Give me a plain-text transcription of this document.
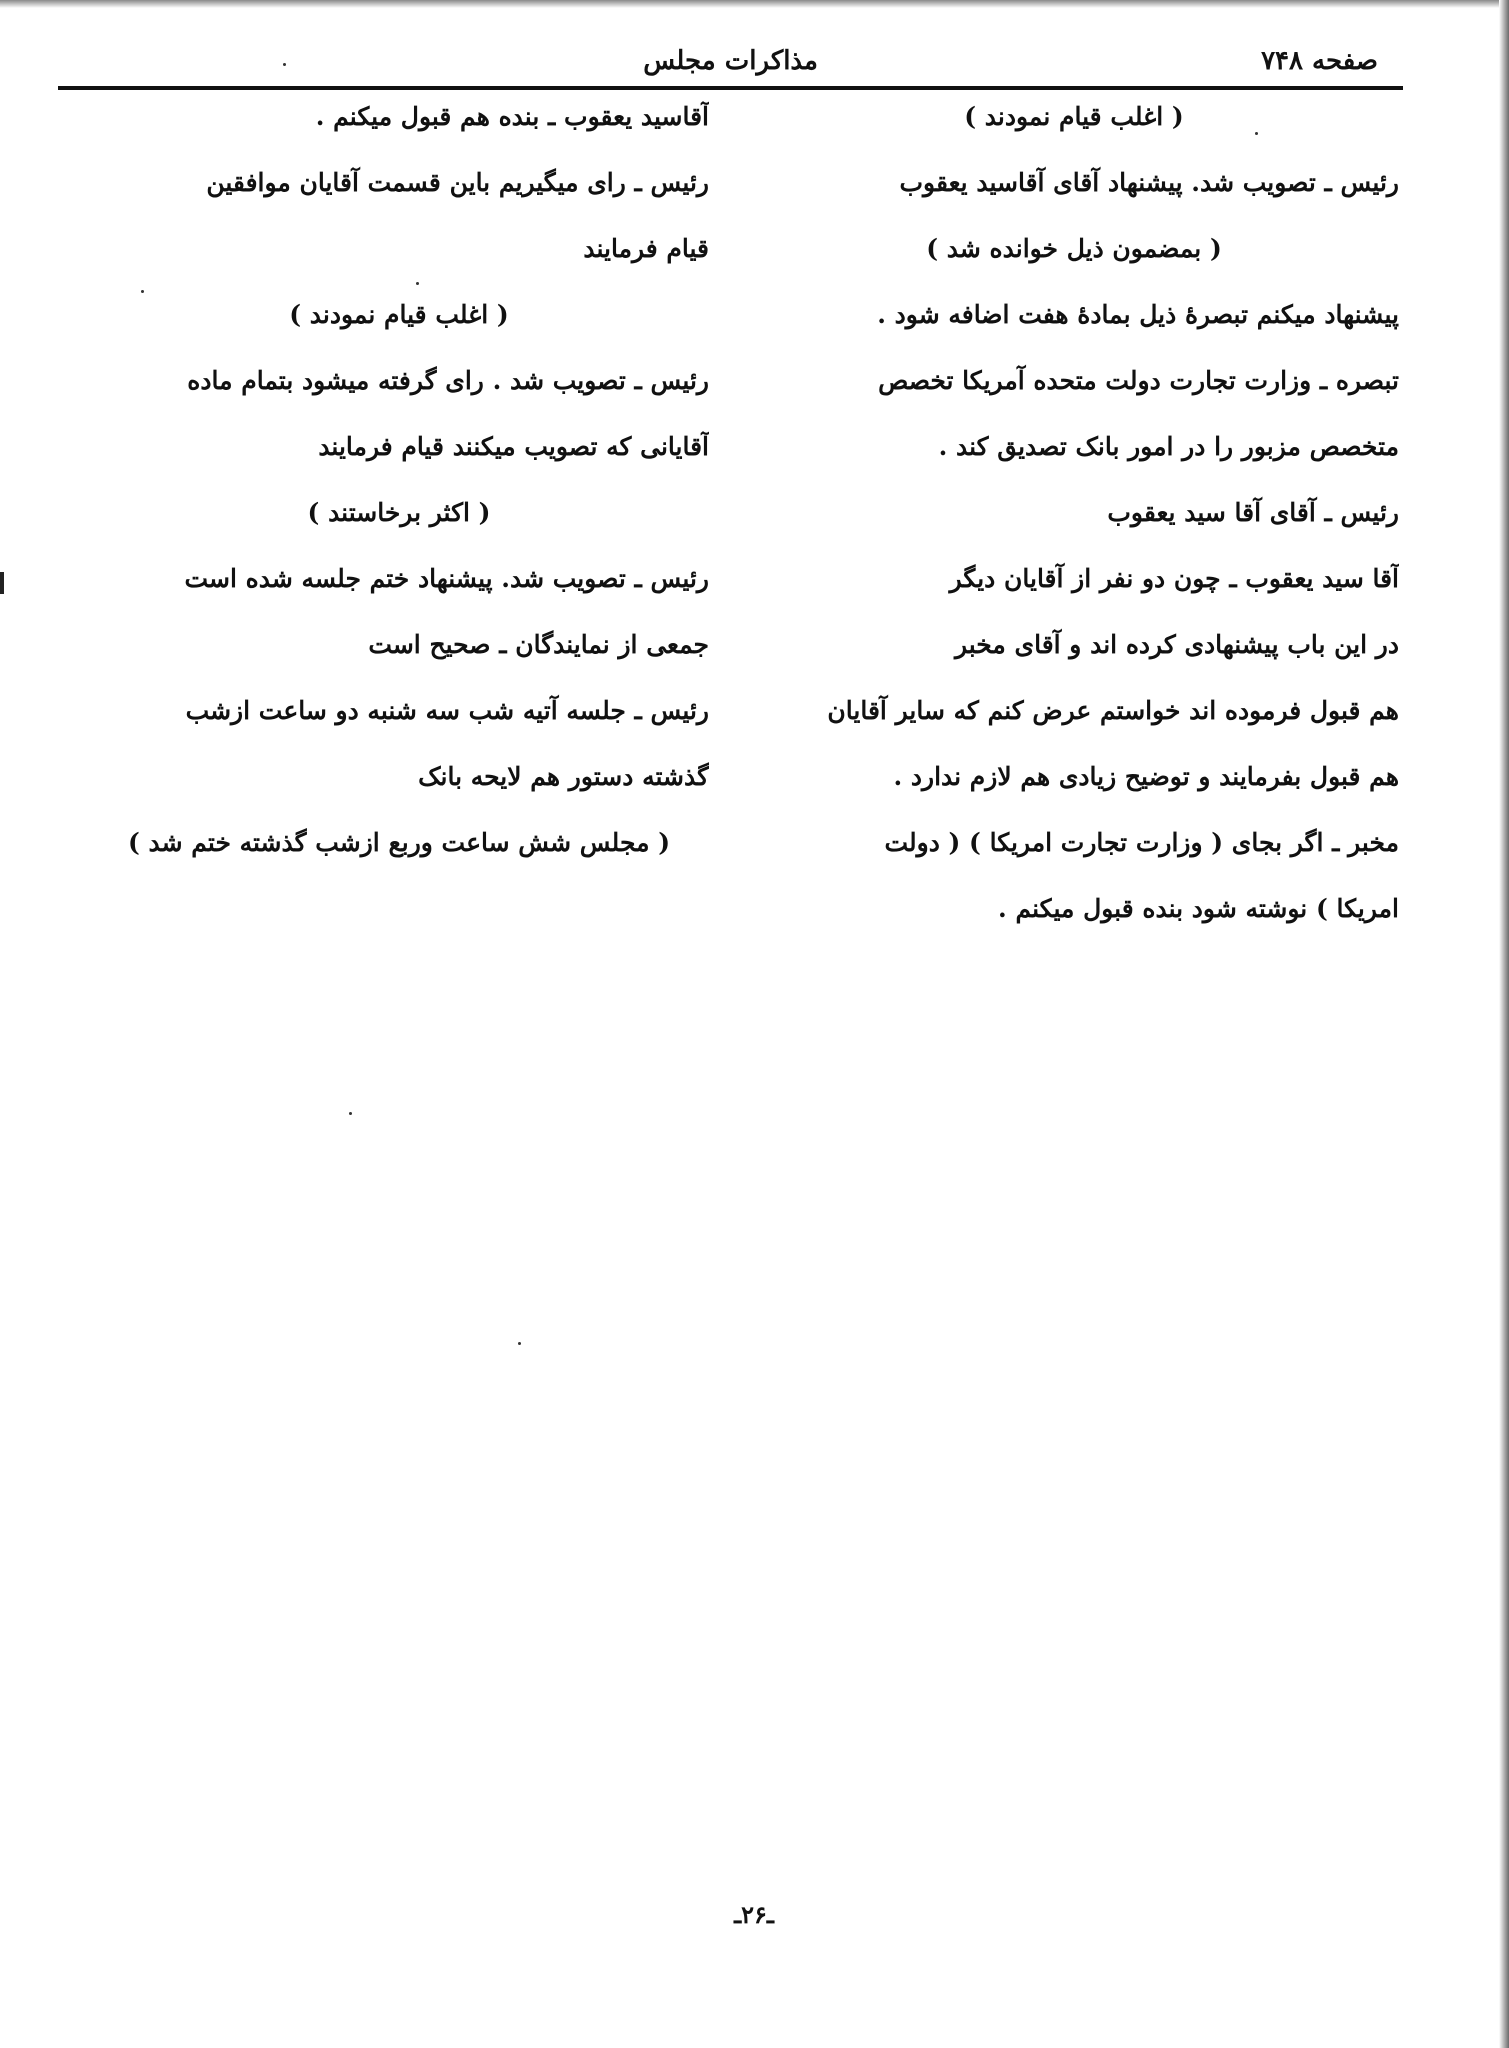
صفحه ۷۴۸
مذاکرات مجلس
( اغلب قیام نمودند )
رئیس ـ تصویب شد. پیشنهاد آقای آقاسید یعقوب
( بمضمون ذیل خوانده شد )
پیشنهاد میکنم تبصرهٔ ذیل بمادهٔ هفت اضافه شود .
تبصره ـ وزارت تجارت دولت متحده آمریکا تخصص
متخصص مزبور را در امور بانک تصدیق کند .
رئیس ـ آقای آقا سید یعقوب
آقا سید یعقوب ـ چون دو نفر از آقایان دیگر
در این باب پیشنهادی کرده اند و آقای مخبر
هم قبول فرموده اند خواستم عرض کنم که سایر آقایان
هم قبول بفرمایند و توضیح زیادی هم لازم ندارد .
مخبر ـ اگر بجای ( وزارت تجارت امریکا ) ( دولت
امریکا ) نوشته شود بنده قبول میکنم .
آقاسید یعقوب ـ بنده هم قبول میکنم .
رئیس ـ رای میگیریم باین قسمت آقایان موافقین
قیام فرمایند
( اغلب قیام نمودند )
رئیس ـ تصویب شد . رای گرفته میشود بتمام ماده
آقایانی که تصویب میکنند قیام فرمایند
( اکثر برخاستند )
رئیس ـ تصویب شد. پیشنهاد ختم جلسه شده است
جمعی از نمایندگان ـ صحیح است
رئیس ـ جلسه آتیه شب سه شنبه دو ساعت ازشب
گذشته دستور هم لایحه بانک
( مجلس شش ساعت وربع ازشب گذشته ختم شد )
ـ۲۶ـ
